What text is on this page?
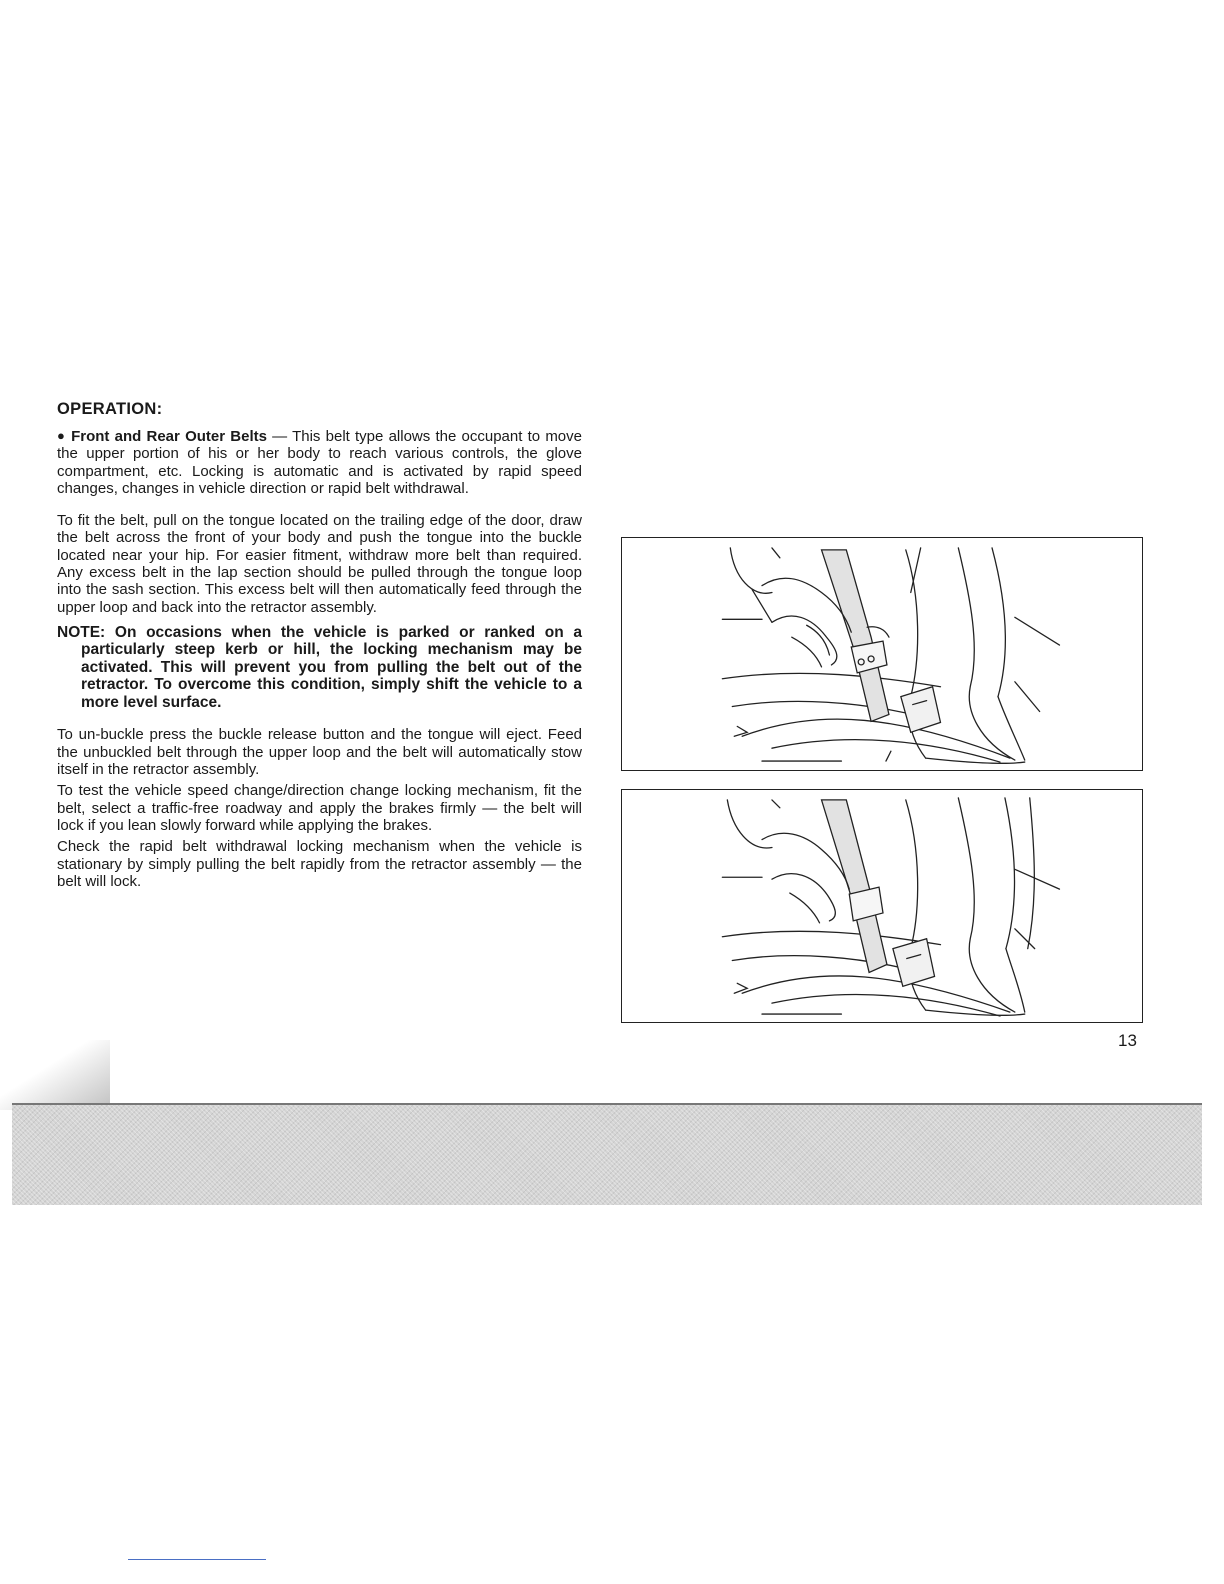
OPERATION:

● Front and Rear Outer Belts — This belt type allows the occupant to move the upper portion of his or her body to reach various controls, the glove compartment, etc. Locking is automatic and is activated by rapid speed changes, changes in vehicle direction or rapid belt withdrawal.

To fit the belt, pull on the tongue located on the trailing edge of the door, draw the belt across the front of your body and push the tongue into the buckle located near your hip. For easier fitment, withdraw more belt than required. Any excess belt in the lap section should be pulled through the tongue loop into the sash section. This excess belt will then automatically feed through the upper loop and back into the retractor assembly.

NOTE: On occasions when the vehicle is parked or ranked on a particularly steep kerb or hill, the locking mechanism may be activated. This will prevent you from pulling the belt out of the retractor. To overcome this condition, simply shift the vehicle to a more level surface.

To un-buckle press the buckle release button and the tongue will eject. Feed the unbuckled belt through the upper loop and the belt will automatically stow itself in the retractor assembly.

To test the vehicle speed change/direction change locking mechanism, fit the belt, select a traffic-free roadway and apply the brakes firmly — the belt will lock if you lean slowly forward while applying the brakes.

Check the rapid belt withdrawal locking mechanism when the vehicle is stationary by simply pulling the belt rapidly from the retractor assembly — the belt will lock.

13
